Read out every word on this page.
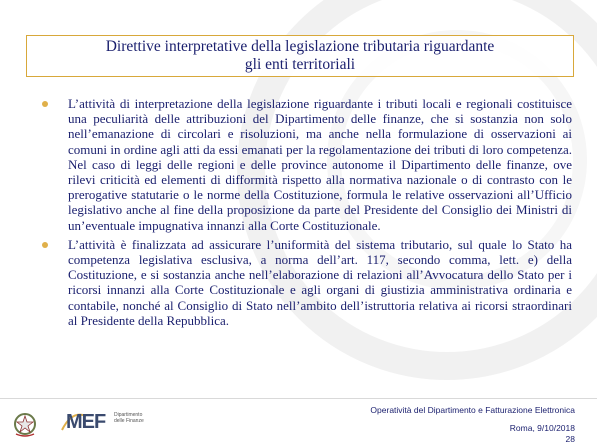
Direttive interpretative della legislazione tributaria riguardante
gli enti territoriali
L’attività di interpretazione della legislazione riguardante i tributi locali e regionali costituisce una peculiarità delle attribuzioni del Dipartimento delle finanze, che si sostanzia non solo nell’emanazione di circolari e risoluzioni, ma anche nella formulazione di osservazioni ai comuni in ordine agli atti da essi emanati per la regolamentazione dei tributi di loro competenza. Nel caso di leggi delle regioni e delle province autonome il Dipartimento delle finanze, ove rilevi criticità ed elementi di difformità rispetto alla normativa nazionale o di contrasto con le prerogative statutarie o le norme della Costituzione, formula le relative osservazioni all’Ufficio legislativo anche al fine della proposizione da parte del Presidente del Consiglio dei Ministri di un’eventuale impugnativa innanzi alla Corte Costituzionale.
L’attività è finalizzata ad assicurare l’uniformità del sistema tributario, sul quale lo Stato ha competenza legislativa esclusiva, a norma dell’art. 117, secondo comma, lett. e) della Costituzione, e si sostanzia anche nell’elaborazione di relazioni all’Avvocatura dello Stato per i ricorsi innanzi alla Corte Costituzionale e agli organi di giustizia amministrativa ordinaria e contabile, nonché al Consiglio di Stato nell’ambito dell’istruttoria relativa ai ricorsi straordinari al Presidente della Repubblica.
MEF Dipartimento
delle Finanze
Operatività del Dipartimento e Fatturazione Elettronica
Roma, 9/10/2018
28
